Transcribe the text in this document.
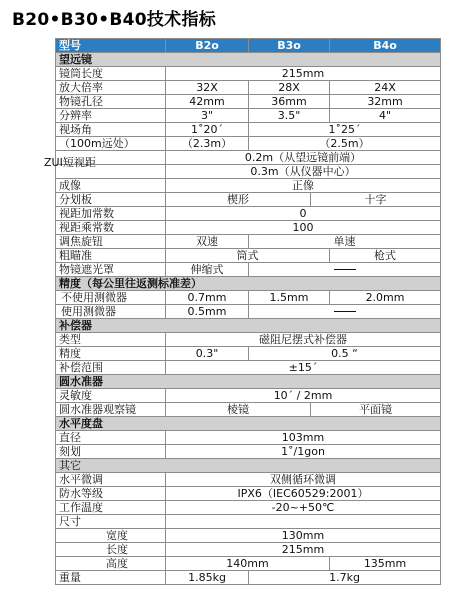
B20•B30•B40技术指标
型号	B2o	B3o		B4o
望远镜				
镜筒长度	215mm			
放大倍率	32X	28X		24X
物镜孔径	42mm	36mm		32mm
分辨率	3"	3.5"		4"
视场角	1˚20´	1˚25´		
（100m远处）	（2.3m）	（2.5m）		
	0.2m（从望远镜前端）			
	0.3m（从仪器中心）			
成像	正像			
分划板	楔形		十字	
视距加常数	0			
视距乘常数	100			
调焦旋钮	双速	单速		
粗瞄准	筒式			枪式
物镜遮光罩	伸缩式			
精度（每公里往返测标准差）				
不使用测微器	0.7mm	1.5mm		2.0mm
使用测微器	0.5mm			
补偿器				
类型	磁阻尼摆式补偿器			
精度	0.3"	0.5 “		
补偿范围	±15´			
圆水准器				
灵敏度	10´ / 2mm			
圆水准器观察镜	棱镜		平面镜	
水平度盘				
直径	103mm			
刻划	1˚/1gon			
其它				
水平微调	双侧循环微调			
防水等级	IPX6（IEC60529:2001）			
工作温度	-20~+50℃			
尺寸				
宽度	130mm			
长度	215mm			
高度	140mm			135mm
重量	1.85kg	1.7kg		
ZUI短视距
